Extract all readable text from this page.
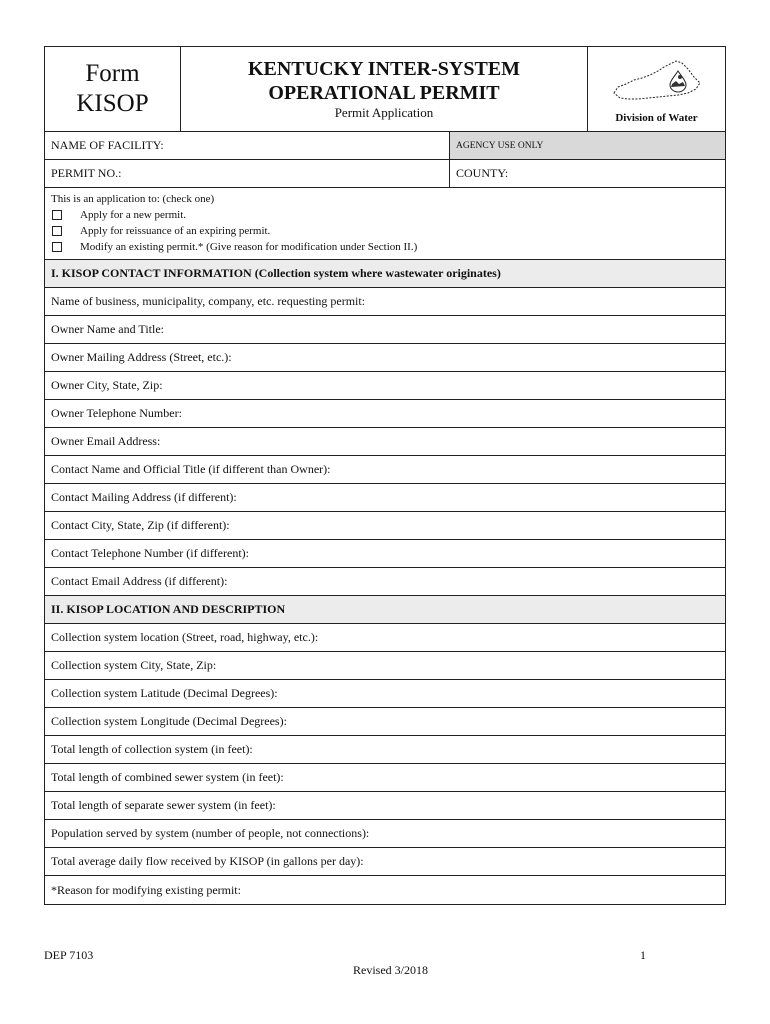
Form
KISOP
KENTUCKY INTER-SYSTEM
OPERATIONAL PERMIT
Permit Application	Division of Water
NAME OF FACILITY:	AGENCY USE ONLY
PERMIT NO.:	COUNTY:
This is an application to: (check one)
Apply for a new permit.
Apply for reissuance of an expiring permit.
Modify an existing permit.* (Give reason for modification under Section II.)
I. KISOP CONTACT INFORMATION (Collection system where wastewater originates)
Name of business, municipality, company, etc. requesting permit:
Owner Name and Title:
Owner Mailing Address (Street, etc.):
Owner City, State, Zip:
Owner Telephone Number:
Owner Email Address:
Contact Name and Official Title (if different than Owner):
Contact Mailing Address (if different):
Contact City, State, Zip (if different):
Contact Telephone Number (if different):
Contact Email Address (if different):
II. KISOP LOCATION AND DESCRIPTION
Collection system location (Street, road, highway, etc.):
Collection system City, State, Zip:
Collection system Latitude (Decimal Degrees):
Collection system Longitude (Decimal Degrees):
Total length of collection system (in feet):
Total length of combined sewer system (in feet):
Total length of separate sewer system (in feet):
Population served by system (number of people, not connections):
Total average daily flow received by KISOP (in gallons per day):
*Reason for modifying existing permit:
DEP 7103	1
Revised 3/2018
